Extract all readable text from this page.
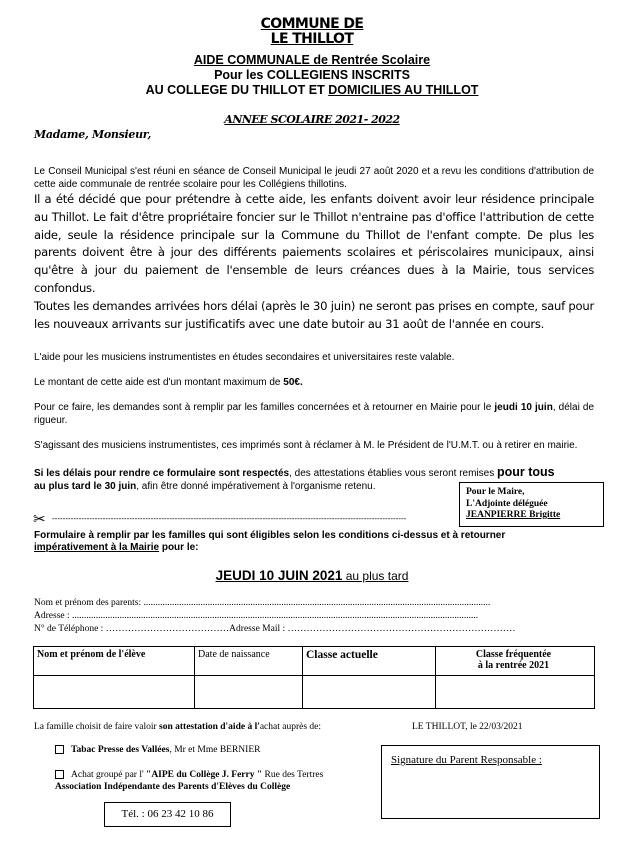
COMMUNE DE
LE THILLOT
AIDE COMMUNALE de Rentrée Scolaire
Pour les COLLEGIENS INSCRITS
AU COLLEGE DU THILLOT ET DOMICILIES AU THILLOT
ANNEE SCOLAIRE 2021- 2022
Madame, Monsieur,
Le Conseil Municipal s'est réuni en séance de Conseil Municipal le jeudi 27 août 2020 et a revu les conditions d'attribution de cette aide communale de rentrée scolaire pour les Collégiens thillotins.
Il a été décidé que pour prétendre à cette aide, les enfants doivent avoir leur résidence principale au Thillot. Le fait d'être propriétaire foncier sur le Thillot n'entraine pas d'office l'attribution de cette aide, seule la résidence principale sur la Commune du Thillot de l'enfant compte. De plus les parents doivent être à jour des différents paiements scolaires et périscolaires municipaux, ainsi qu'être à jour du paiement de l'ensemble de leurs créances dues à la Mairie, tous services confondus.
Toutes les demandes arrivées hors délai (après le 30 juin) ne seront pas prises en compte, sauf pour les nouveaux arrivants sur justificatifs avec une date butoir au 31 août de l'année en cours.
L'aide pour les musiciens instrumentistes en études secondaires et universitaires reste valable.
Le montant de cette aide est d'un montant maximum de 50€.
Pour ce faire, les demandes sont à remplir par les familles concernées et à retourner en Mairie pour le jeudi 10 juin, délai de rigueur.
S'agissant des musiciens instrumentistes, ces imprimés sont à réclamer à M. le Président de l'U.M.T. ou à retirer en mairie.
Si les délais pour rendre ce formulaire sont respectés, des attestations établies vous seront remises pour tous
au plus tard le 30 juin, afin être donné impérativement à l'organisme retenu.
Pour le Maire,
L'Adjointe déléguée
JEANPIERRE Brigitte
✂ -------------------------------------------------------------------------------------------------------------------------------------
Formulaire à remplir par les familles qui sont éligibles selon les conditions ci-dessus et à retourner
impérativement à la Mairie pour le:
JEUDI 10 JUIN 2021 au plus tard
Nom et prénom des parents: ..................................................................................................................................................
Adresse : ...........................................................................................................................................................................
N° de Téléphone : …………………………………Adresse Mail : ………………………………………………………………
Nom et prénom de l'élève	Date de naissance	Classe actuelle	Classe fréquentée
à la rentrée 2021

La famille choisit de faire valoir son attestation d'aide à l'achat auprès de:	LE THILLOT, le 22/03/2021
Tabac Presse des Vallées, Mr et Mme BERNIER
Achat groupé par l' "AIPE du Collège J. Ferry " Rue des Tertres
Association Indépendante des Parents d'Elèves du Collège
Tél. : 06 23 42 10 86
Signature du Parent Responsable :
